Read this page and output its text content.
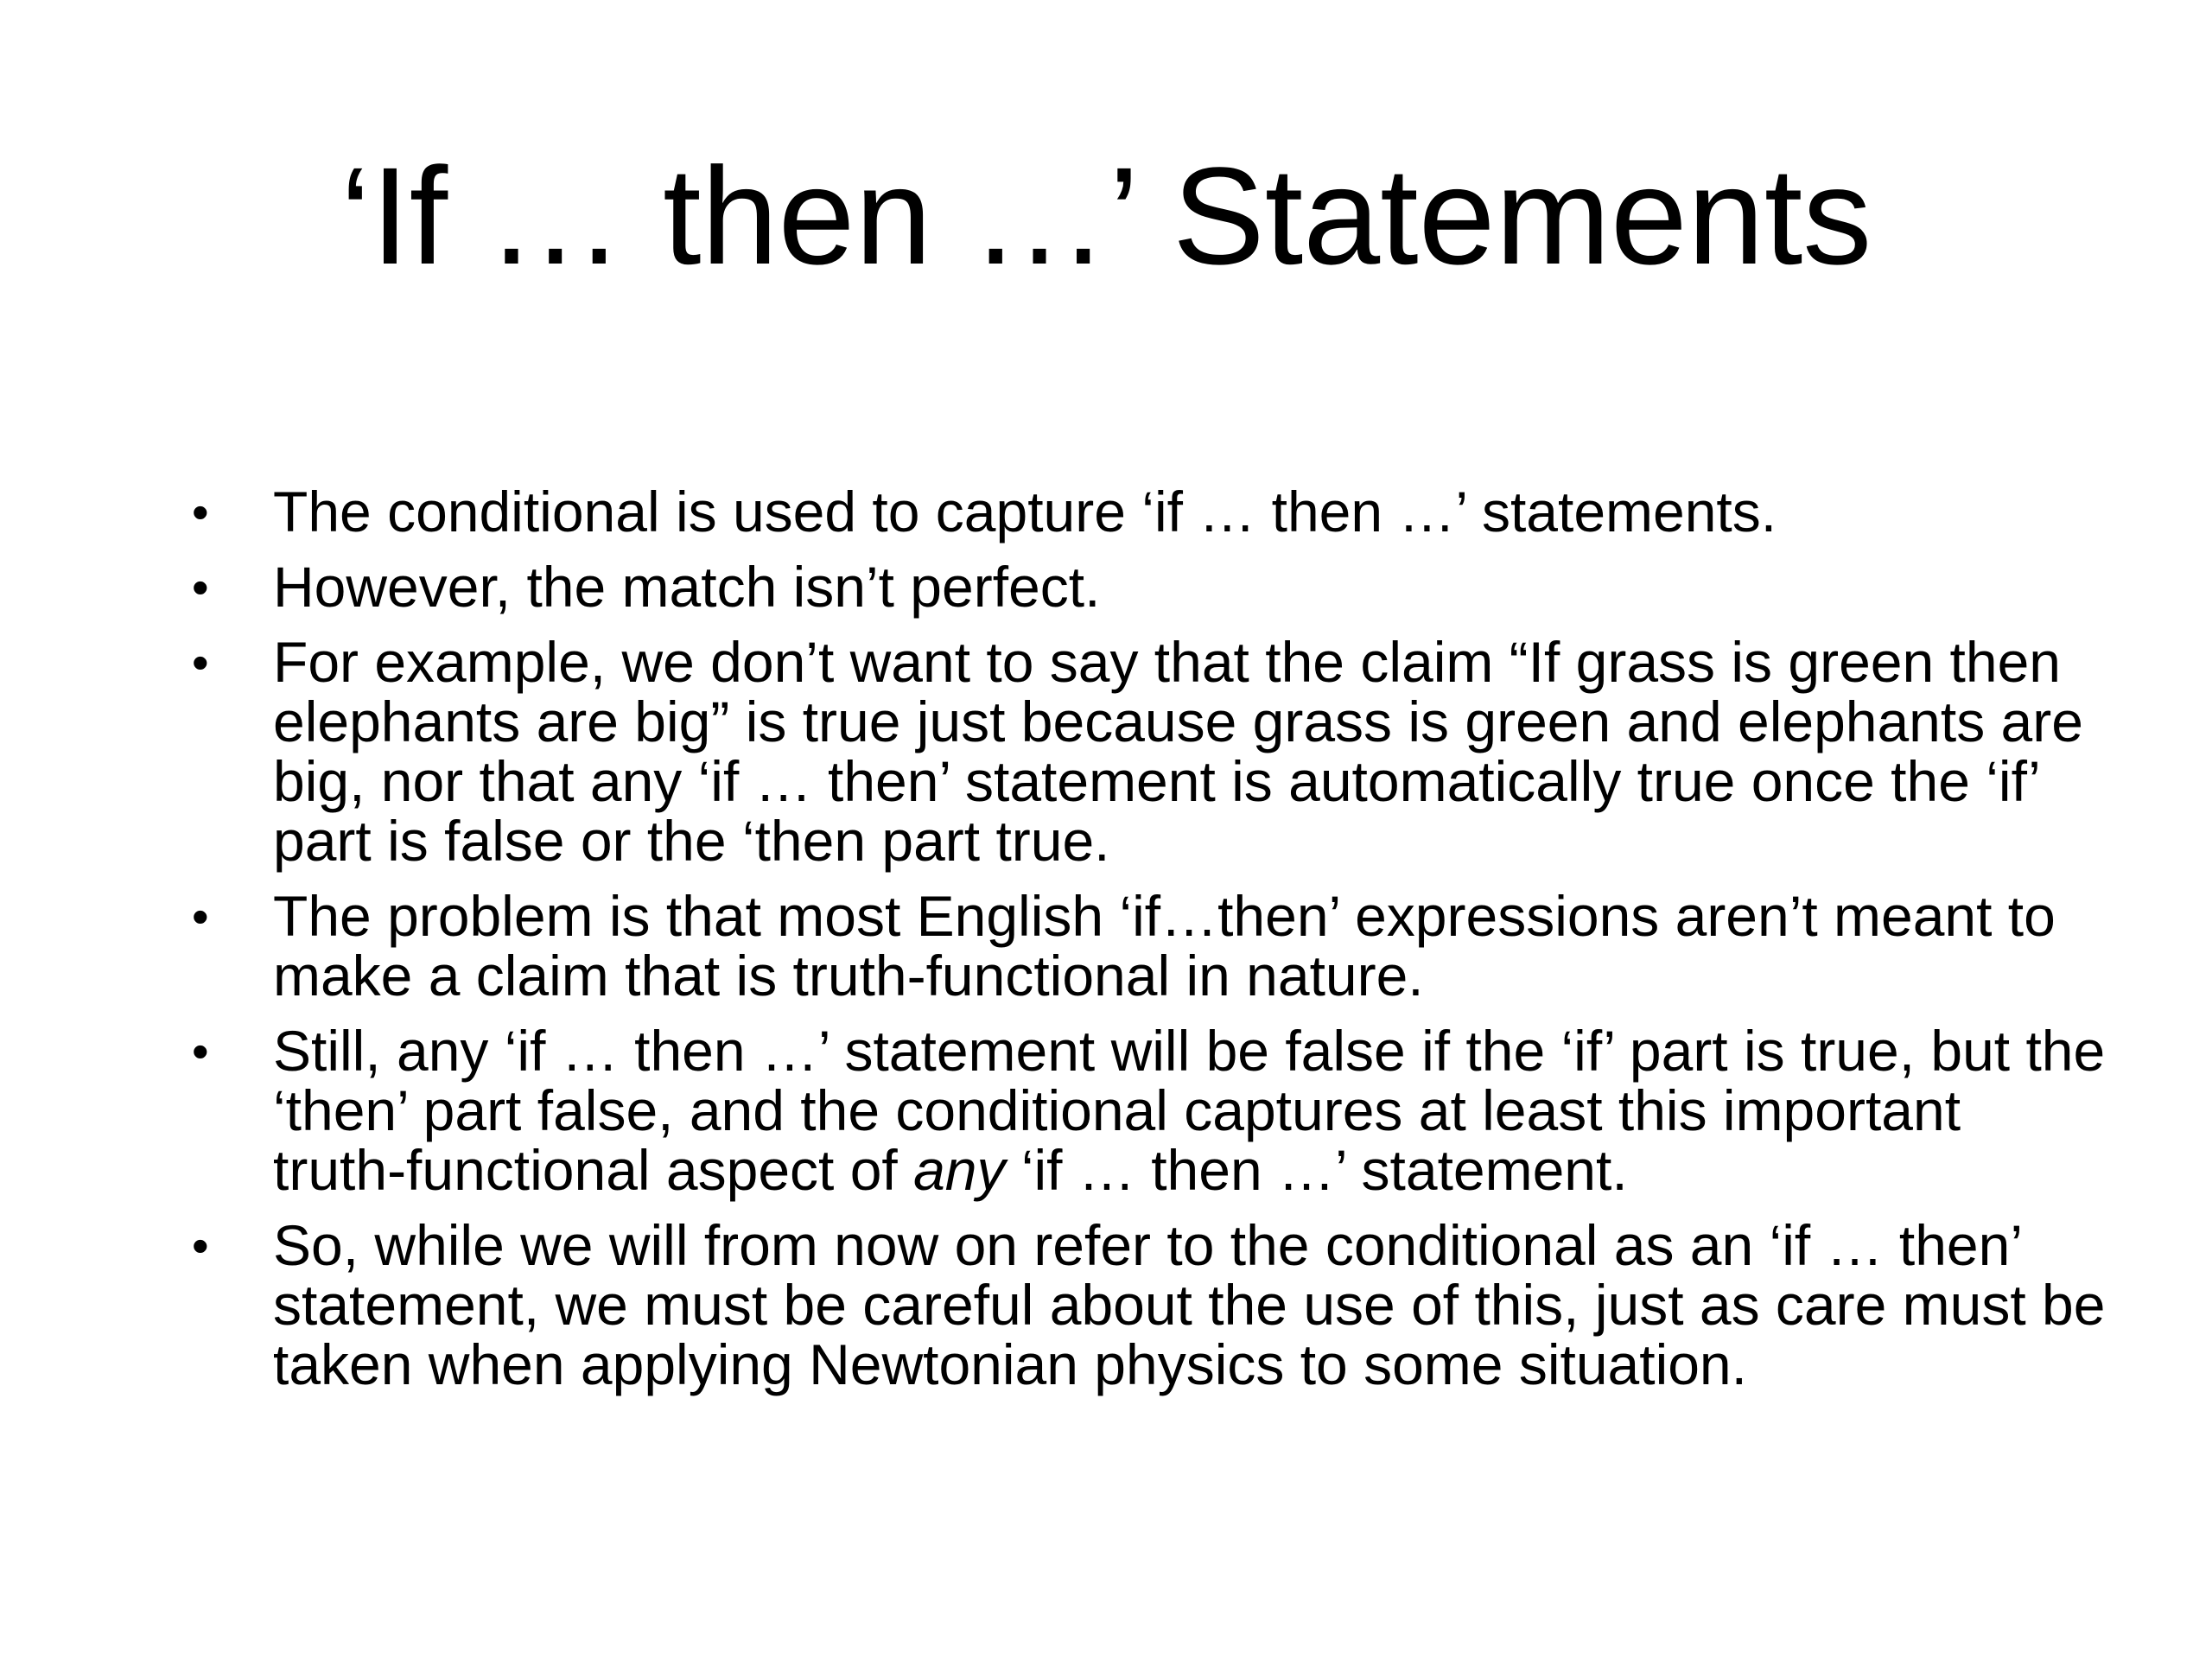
‘If … then …’ Statements
• The conditional is used to capture ‘if … then …’ statements.
• However, the match isn’t perfect.
• For example, we don’t want to say that the claim “If grass is green then elephants are big” is true just because grass is green and elephants are big, nor that any ‘if … then’ statement is automatically true once the ‘if’ part is false or the ‘then part true.
• The problem is that most English ‘if…then’ expressions aren’t meant to make a claim that is truth-functional in nature.
• Still, any ‘if … then …’ statement will be false if the ‘if’ part is true, but the ‘then’ part false, and the conditional captures at least this important truth-functional aspect of any ‘if … then …’ statement.
• So, while we will from now on refer to the conditional as an ‘if … then’ statement, we must be careful about the use of this, just as care must be taken when applying Newtonian physics to some situation.
